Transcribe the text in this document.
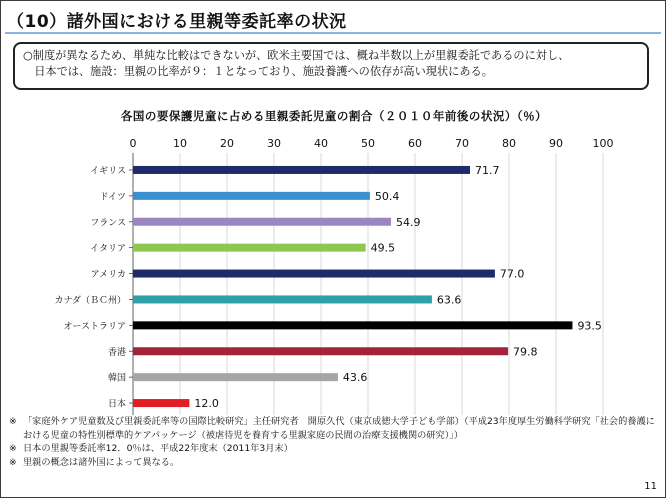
（10）諸外国における里親等委託率の状況
○制度が異なるため、単純な比較はできないが、欧米主要国では、概ね半数以上が里親委託であるのに対し、
　日本では、施設：里親の比率が９：１となっており、施設養護への依存が高い現状にある。
各国の要保護児童に占める里親委託児童の割合（２０１０年前後の状況）（％）
0	10	20	30	40	50	60	70	80	90	100
イギリス	71.7
ドイツ	50.4
フランス	54.9
イタリア	49.5
アメリカ	77.0
カナダ（ＢＣ州）	63.6
オーストラリア	93.5
香港	79.8
韓国	43.6
日本	12.0
※ 「家庭外ケア児童数及び里親委託率等の国際比較研究」主任研究者　開原久代（東京成徳大学子ども学部）（平成23年度厚生労働科学研究「社会的養護における児童の特性別標準的ケアパッケージ（被虐待児を養育する里親家庭の民間の治療支援機関の研究）」）
※ 日本の里親等委託率12．0％は、平成22年度末（2011年3月末）
※ 里親の概念は諸外国によって異なる。
11
